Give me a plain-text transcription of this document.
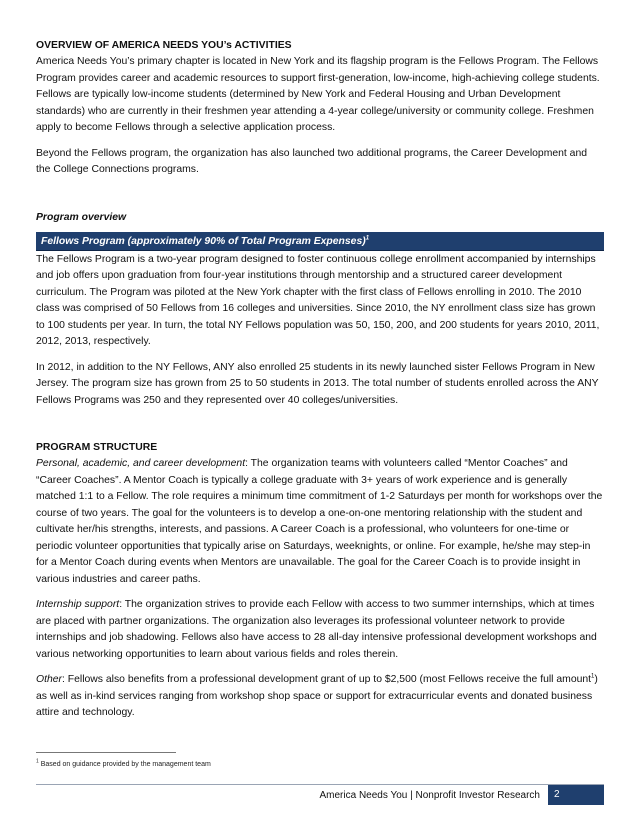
OVERVIEW OF AMERICA NEEDS YOU’s ACTIVITIES

America Needs You’s primary chapter is located in New York and its flagship program is the Fellows Program. The Fellows Program provides career and academic resources to support first-generation, low-income, high-achieving college students. Fellows are typically low-income students (determined by New York and Federal Housing and Urban Development standards) who are currently in their freshmen year attending a 4-year college/university or community college. Freshmen apply to become Fellows through a selective application process.

Beyond the Fellows program, the organization has also launched two additional programs, the Career Development and the College Connections programs.

Program overview

Fellows Program (approximately 90% of Total Program Expenses)$^1$

The Fellows Program is a two-year program designed to foster continuous college enrollment accompanied by internships and job offers upon graduation from four-year institutions through mentorship and a structured career development curriculum. The Program was piloted at the New York chapter with the first class of Fellows enrolling in 2010. The 2010 class was comprised of 50 Fellows from 16 colleges and universities. Since 2010, the NY enrollment class size has grown to 100 students per year. In turn, the total NY Fellows population was 50, 150, 200, and 200 students for years 2010, 2011, 2012, 2013, respectively.

In 2012, in addition to the NY Fellows, ANY also enrolled 25 students in its newly launched sister Fellows Program in New Jersey. The program size has grown from 25 to 50 students in 2013. The total number of students enrolled across the ANY Fellows Programs was 250 and they represented over 40 colleges/universities.

PROGRAM STRUCTURE

Personal, academic, and career development: The organization teams with volunteers called “Mentor Coaches” and “Career Coaches”. A Mentor Coach is typically a college graduate with 3+ years of work experience and is generally matched 1:1 to a Fellow. The role requires a minimum time commitment of 1-2 Saturdays per month for workshops over the course of two years. The goal for the volunteers is to develop a one-on-one mentoring relationship with the student and cultivate her/his strengths, interests, and passions. A Career Coach is a professional, who volunteers for one-time or periodic volunteer opportunities that typically arise on Saturdays, weeknights, or online. For example, he/she may step-in for a Mentor Coach during events when Mentors are unavailable. The goal for the Career Coach is to provide insight in various industries and career paths.

Internship support: The organization strives to provide each Fellow with access to two summer internships, which at times are placed with partner organizations. The organization also leverages its professional volunteer network to provide internships and job shadowing. Fellows also have access to 28 all-day intensive professional development workshops and various networking opportunities to learn about various fields and roles therein.

Other: Fellows also benefits from a professional development grant of up to $2,500 (most Fellows receive the full amount$^1$) as well as in-kind services ranging from workshop shop space or support for extracurricular events and donated business attire and technology.

$^1$ Based on guidance provided by the management team
America Needs You | Nonprofit Investor Research	2
